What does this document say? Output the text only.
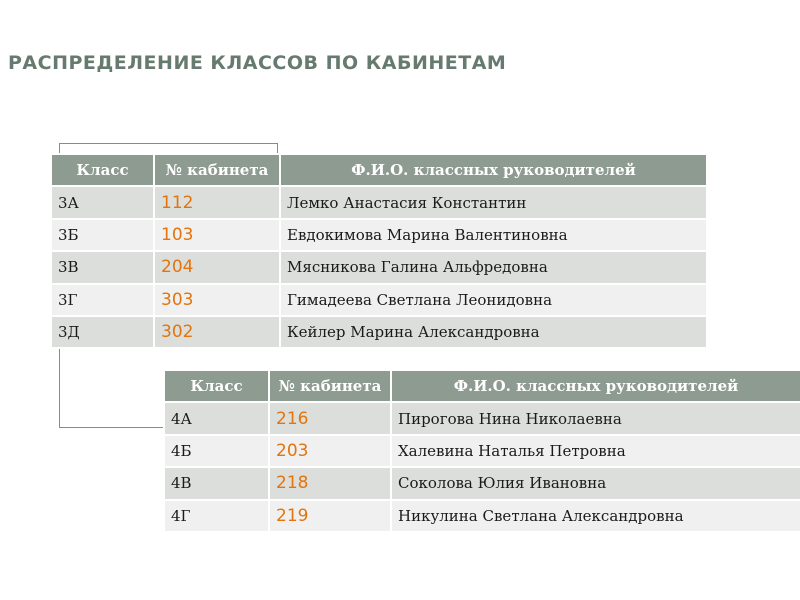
РАСПРЕДЕЛЕНИЕ КЛАССОВ ПО КАБИНЕТАМ
Класс	№ кабинета	Ф.И.О. классных руководителей
3А	112	Лемко Анастасия Константин
3Б	103	Евдокимова Марина Валентиновна
3В	204	Мясникова Галина Альфредовна
3Г	303	Гимадеева Светлана Леонидовна
3Д	302	Кейлер Марина Александровна
Класс	№ кабинета	Ф.И.О. классных руководителей
4А	216	Пирогова Нина Николаевна
4Б	203	Халевина Наталья Петровна
4В	218	Соколова Юлия Ивановна
4Г	219	Никулина Светлана Александровна
